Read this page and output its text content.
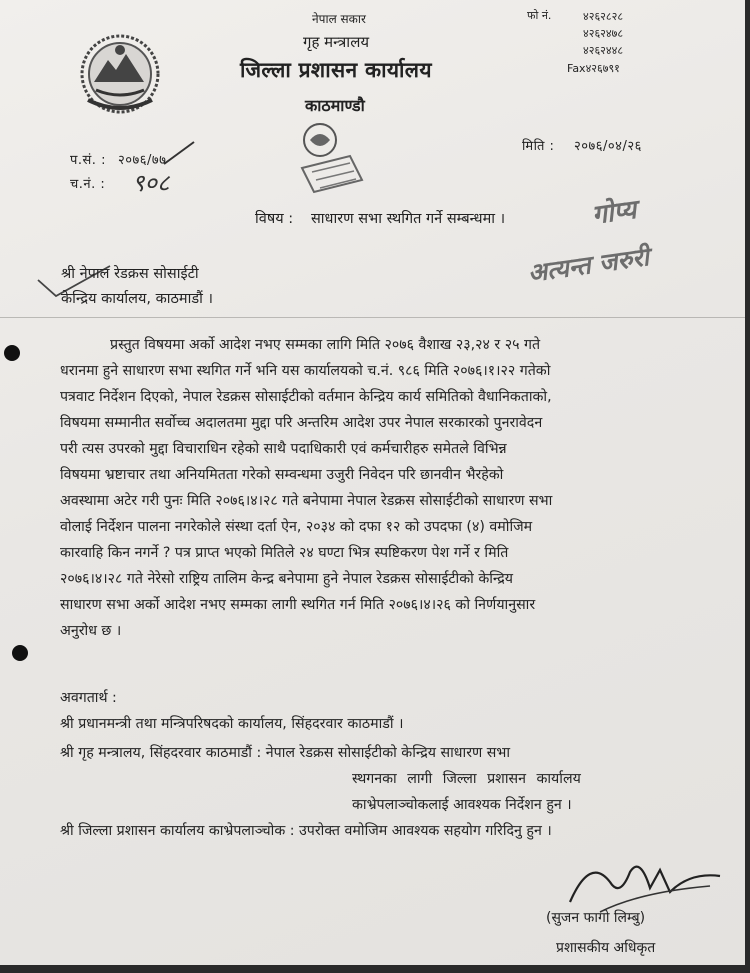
नेपाल सकार
गृह मन्त्रालय
जिल्ला प्रशासन कार्यालय
काठमाण्डौ
फो नं.	४२६२८२८
४२६२४७८
४२६२४४८
Fax४२६७९१
प.सं. : २०७६/७७
च.नं. : ९०८
मिति : २०७६/०४/२६
विषय : साधारण सभा स्थगित गर्ने सम्बन्धमा ।	गोप्य
अत्यन्त जरुरी
श्री नेपाल रेडक्रस सोसाईटी
केन्द्रिय कार्यालय, काठमाडौं ।
प्रस्तुत विषयमा अर्को आदेश नभए सम्मका लागि मिति २०७६ वैशाख २३,२४ र २५ गते
धरानमा हुने साधारण सभा स्थगित गर्ने भनि यस कार्यालयको च.नं. ९८६ मिति २०७६।१।२२ गतेको
पत्रवाट निर्देशन दिएको, नेपाल रेडक्रस सोसाईटीको वर्तमान केन्द्रिय कार्य समितिको वैधानिकताको,
विषयमा सम्मानीत सर्वोच्च अदालतमा मुद्दा परि अन्तरिम आदेश उपर नेपाल सरकारको पुनरावेदन
परी त्यस उपरको मुद्दा विचाराधिन रहेको साथै पदाधिकारी एवं कर्मचारीहरु समेतले विभिन्न
विषयमा भ्रष्टाचार तथा अनियमितता गरेको सम्वन्धमा उजुरी निवेदन परि छानवीन भैरहेको
अवस्थामा अटेर गरी पुनः मिति २०७६।४।२८ गते बनेपामा नेपाल रेडक्रस सोसाईटीको साधारण सभा
वोलाई निर्देशन पालना नगरेकोले संस्था दर्ता ऐन, २०३४ को दफा १२ को उपदफा (४) वमोजिम
कारवाहि किन नगर्ने ? पत्र प्राप्त भएको मितिले २४ घण्टा भित्र स्पष्टिकरण पेश गर्ने र मिति
२०७६।४।२८ गते नेरेसो राष्ट्रिय तालिम केन्द्र बनेपामा हुने नेपाल रेडक्रस सोसाईटीको केन्द्रिय
साधारण सभा अर्को आदेश नभए सम्मका लागी स्थगित गर्न मिति २०७६।४।२६ को निर्णयानुसार
अनुरोध छ ।
अवगतार्थ :
श्री प्रधानमन्त्री तथा मन्त्रिपरिषदको कार्यालय, सिंहदरवार काठमाडौं ।
श्री गृह मन्त्रालय, सिंहदरवार काठमाडौं : नेपाल रेडक्रस सोसाईटीको केन्द्रिय साधारण सभा
स्थगनका लागी जिल्ला प्रशासन कार्यालय
काभ्रेपलाञ्चोकलाई आवश्यक निर्देशन हुन ।
श्री जिल्ला प्रशासन कार्यालय काभ्रेपलाञ्चोक : उपरोक्त वमोजिम आवश्यक सहयोग गरिदिनु हुन ।
(सुजन फागो लिम्बु)
प्रशासकीय अधिकृत
